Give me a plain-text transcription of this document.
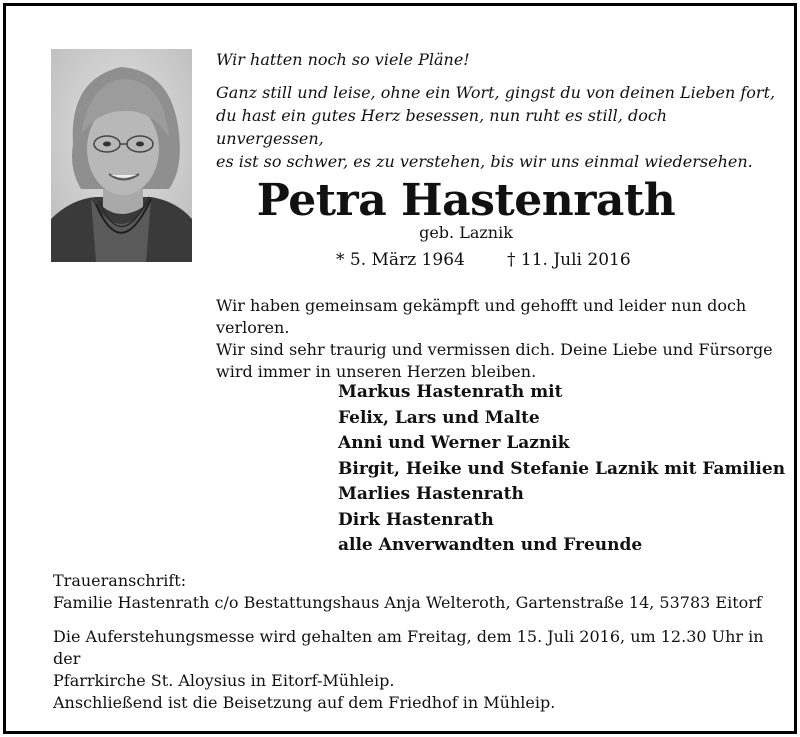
Wir hatten noch so viele Pläne!
Ganz still und leise, ohne ein Wort, gingst du von deinen Lieben fort,
du hast ein gutes Herz besessen, nun ruht es still, doch unvergessen,
es ist so schwer, es zu verstehen, bis wir uns einmal wiedersehen.
Petra Hastenrath
geb. Laznik
* 5. März 1964 † 11. Juli 2016
Wir haben gemeinsam gekämpft und gehofft und leider nun doch verloren.
Wir sind sehr traurig und vermissen dich. Deine Liebe und Fürsorge
wird immer in unseren Herzen bleiben.
Markus Hastenrath mit
Felix, Lars und Malte
Anni und Werner Laznik
Birgit, Heike und Stefanie Laznik mit Familien
Marlies Hastenrath
Dirk Hastenrath
alle Anverwandten und Freunde
Traueranschrift:
Familie Hastenrath c/o Bestattungshaus Anja Welteroth, Gartenstraße 14, 53783 Eitorf
Die Auferstehungsmesse wird gehalten am Freitag, dem 15. Juli 2016, um 12.30 Uhr in der
Pfarrkirche St. Aloysius in Eitorf-Mühleip.
Anschließend ist die Beisetzung auf dem Friedhof in Mühleip.
